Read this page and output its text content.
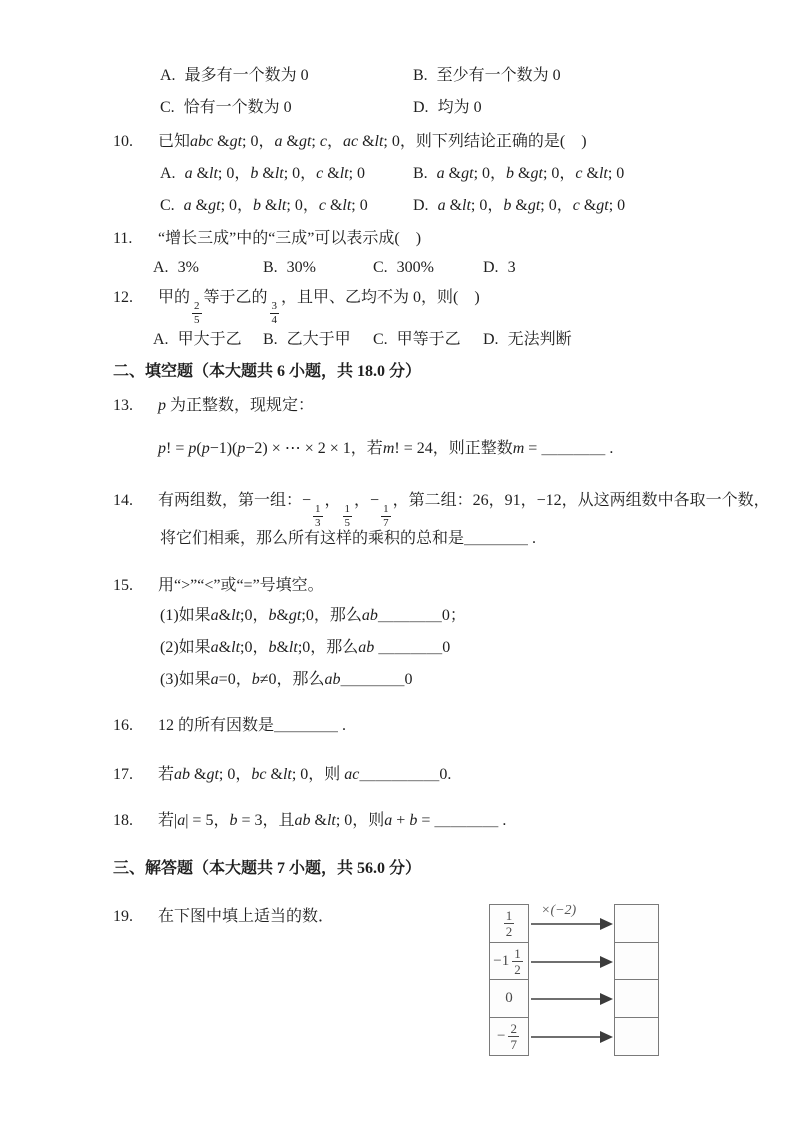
A. 最多有一个数为 0	B. 至少有一个数为 0
C. 恰有一个数为 0	D. 均为 0
10. 已知abc &gt; 0，a &gt; c，ac &lt; 0，则下列结论正确的是(　)
A. a &lt; 0，b &lt; 0，c &lt; 0	B. a &gt; 0，b &gt; 0，c &lt; 0
C. a &gt; 0，b &lt; 0，c &lt; 0	D. a &lt; 0，b &gt; 0，c &gt; 0
11. “增长三成”中的“三成”可以表示成(　)
A. 3%	B. 30%	C. 300%	D. 3
12. 甲的
$\frac{2}{5}$
等于乙的
$\frac{3}{4}$
，且甲、乙均不为 0，则(　)
A. 甲大于乙 B. 乙大于甲 C. 甲等于乙 D. 无法判断
二、填空题（本大题共 6 小题，共 18.0 分）
13. p 为正整数，现规定：
p! = p(p−1)(p−2) × ⋯ × 2 × 1，若m! = 24，则正整数m = ＿＿＿＿ .
14. 有两组数，第一组：−
$\frac{1}{3}$
，
$\frac{1}{5}$
，−
$\frac{1}{7}$
，第二组：26，91，−12，从这两组数中各取一个数，
将它们相乘，那么所有这样的乘积的总和是＿＿＿＿ .
15. 用“>”“<”或“=”号填空。
(1)如果a&lt;0，b&gt;0，那么ab＿＿＿＿0；
(2)如果a&lt;0，b&lt;0，那么ab ＿＿＿＿0
(3)如果a=0，b≠0，那么ab＿＿＿＿0
16. 12 的所有因数是＿＿＿＿ .
17. 若ab &gt; 0，bc &lt; 0，则 ac＿＿＿＿＿0.
18. 若|a| = 5，b = 3，且ab &lt; 0，则a + b = ＿＿＿＿ .
三、解答题（本大题共 7 小题，共 56.0 分）
19. 在下图中填上适当的数．	$\frac{1}{2}$
$-1 \frac{1}{2}$
0
− $\frac{2}{7}$
×(−2)
